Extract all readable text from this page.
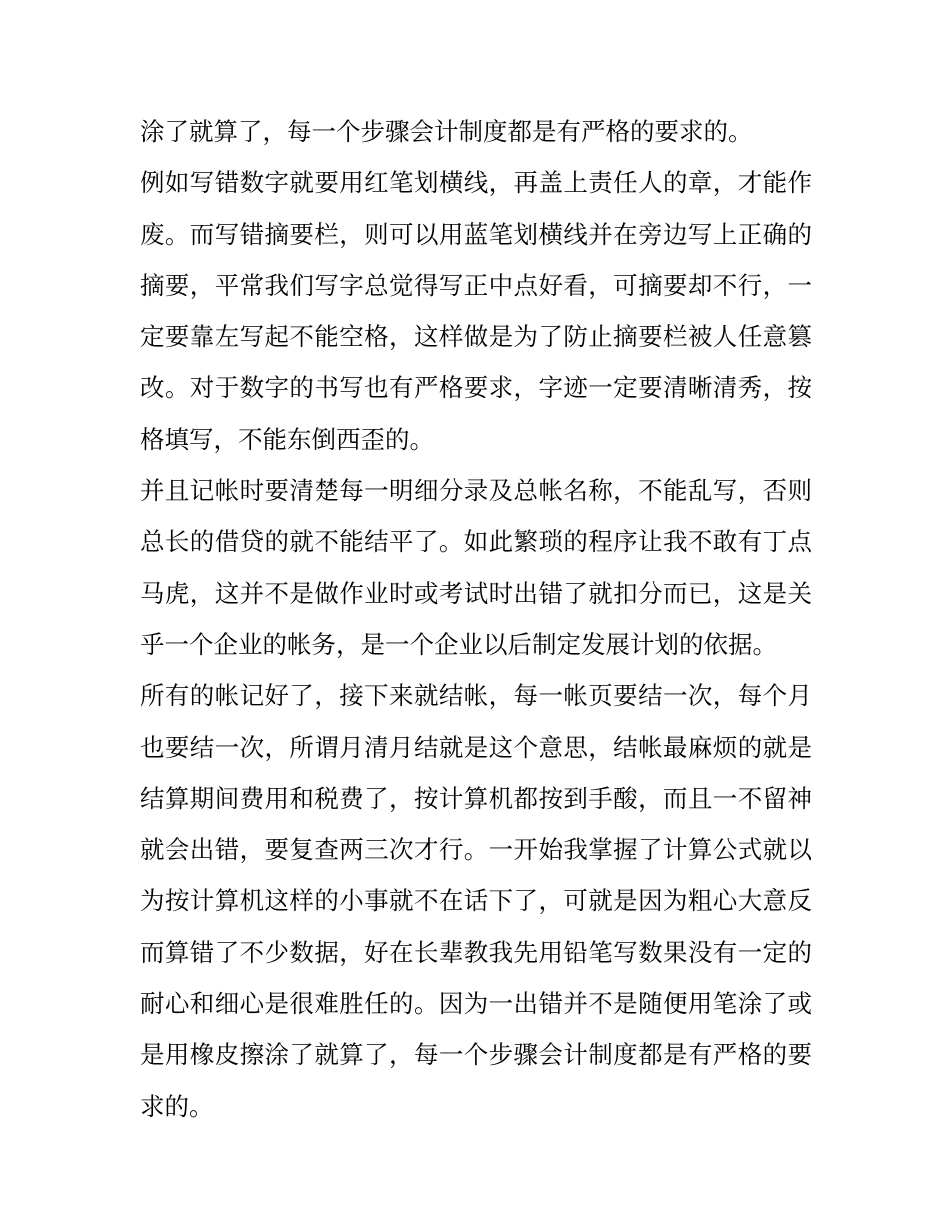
涂了就算了，每一个步骤会计制度都是有严格的要求的。
例如写错数字就要用红笔划横线，再盖上责任人的章，才能作
废。而写错摘要栏，则可以用蓝笔划横线并在旁边写上正确的
摘要，平常我们写字总觉得写正中点好看，可摘要却不行，一
定要靠左写起不能空格，这样做是为了防止摘要栏被人任意篡
改。对于数字的书写也有严格要求，字迹一定要清晰清秀，按
格填写，不能东倒西歪的。
并且记帐时要清楚每一明细分录及总帐名称，不能乱写，否则
总长的借贷的就不能结平了。如此繁琐的程序让我不敢有丁点
马虎，这并不是做作业时或考试时出错了就扣分而已，这是关
乎一个企业的帐务，是一个企业以后制定发展计划的依据。
所有的帐记好了，接下来就结帐，每一帐页要结一次，每个月
也要结一次，所谓月清月结就是这个意思，结帐最麻烦的就是
结算期间费用和税费了，按计算机都按到手酸，而且一不留神
就会出错，要复查两三次才行。一开始我掌握了计算公式就以
为按计算机这样的小事就不在话下了，可就是因为粗心大意反
而算错了不少数据，好在长辈教我先用铅笔写数果没有一定的
耐心和细心是很难胜任的。因为一出错并不是随便用笔涂了或
是用橡皮擦涂了就算了，每一个步骤会计制度都是有严格的要
求的。
